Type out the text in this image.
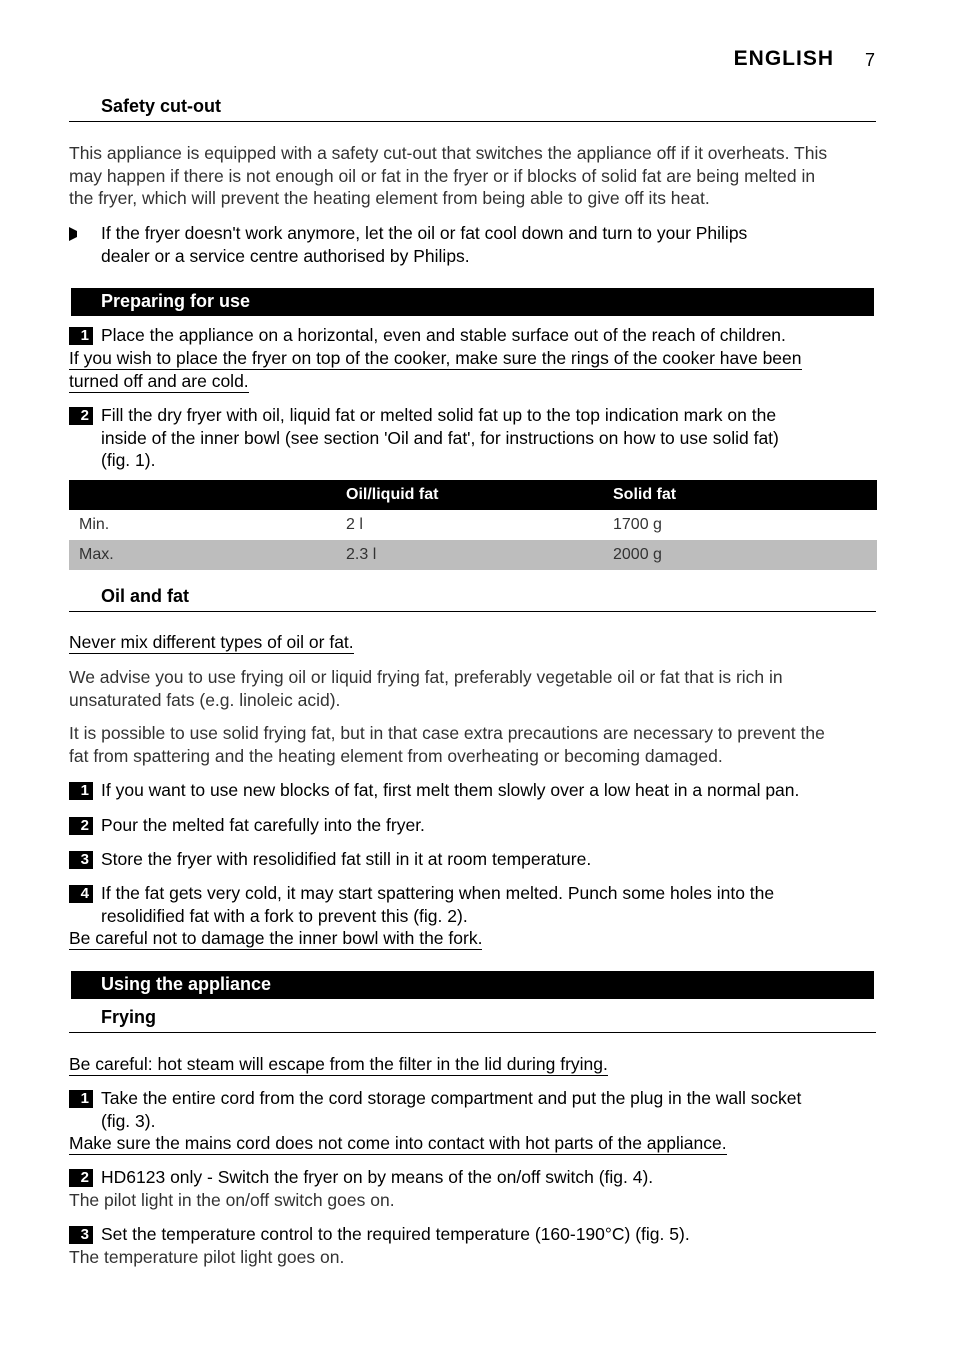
ENGLISH 7
Safety cut-out
This appliance is equipped with a safety cut-out that switches the appliance off if it overheats. This
may happen if there is not enough oil or fat in the fryer or if blocks of solid fat are being melted in
the fryer, which will prevent the heating element from being able to give off its heat.
If the fryer doesn't work anymore, let the oil or fat cool down and turn to your Philips
dealer or a service centre authorised by Philips.
Preparing for use
1 Place the appliance on a horizontal, even and stable surface out of the reach of children.
If you wish to place the fryer on top of the cooker, make sure the rings of the cooker have been
turned off and are cold.
2 Fill the dry fryer with oil, liquid fat or melted solid fat up to the top indication mark on the
inside of the inner bowl (see section 'Oil and fat', for instructions on how to use solid fat)
(fig. 1).
	Oil/liquid fat	Solid fat
Min.	2 l	1700 g
Max.	2.3 l	2000 g
Oil and fat
Never mix different types of oil or fat.
We advise you to use frying oil or liquid frying fat, preferably vegetable oil or fat that is rich in
unsaturated fats (e.g. linoleic acid).
It is possible to use solid frying fat, but in that case extra precautions are necessary to prevent the
fat from spattering and the heating element from overheating or becoming damaged.
1 If you want to use new blocks of fat, first melt them slowly over a low heat in a normal pan.
2 Pour the melted fat carefully into the fryer.
3 Store the fryer with resolidified fat still in it at room temperature.
4 If the fat gets very cold, it may start spattering when melted. Punch some holes into the
resolidified fat with a fork to prevent this (fig. 2).
Be careful not to damage the inner bowl with the fork.
Using the appliance
Frying
Be careful: hot steam will escape from the filter in the lid during frying.
1 Take the entire cord from the cord storage compartment and put the plug in the wall socket
(fig. 3).
Make sure the mains cord does not come into contact with hot parts of the appliance.
2 HD6123 only - Switch the fryer on by means of the on/off switch (fig. 4).
The pilot light in the on/off switch goes on.
3 Set the temperature control to the required temperature (160-190°C) (fig. 5).
The temperature pilot light goes on.
